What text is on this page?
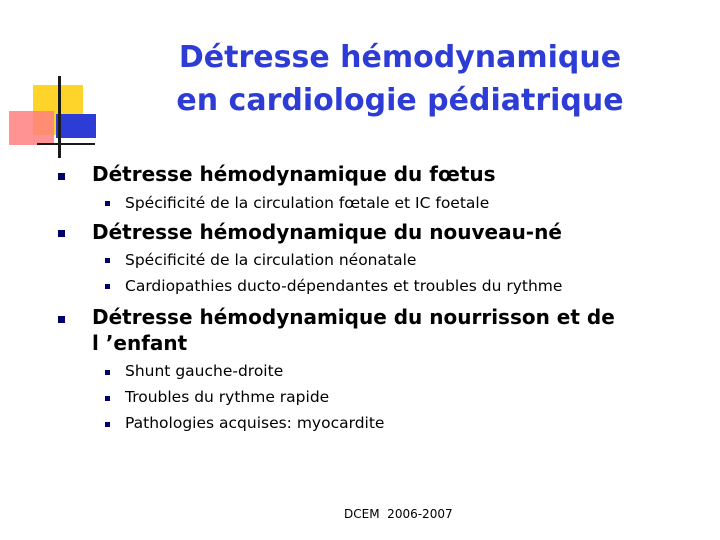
Détresse hémodynamique
en cardiologie pédiatrique
Détresse hémodynamique du fœtus
Spécificité de la circulation fœtale et IC foetale
Détresse hémodynamique du nouveau-né
Spécificité de la circulation néonatale
Cardiopathies ducto-dépendantes et troubles du rythme
Détresse hémodynamique du nourrisson et de
l ’enfant
Shunt gauche-droite
Troubles du rythme rapide
Pathologies acquises: myocardite
DCEM  2006-2007
